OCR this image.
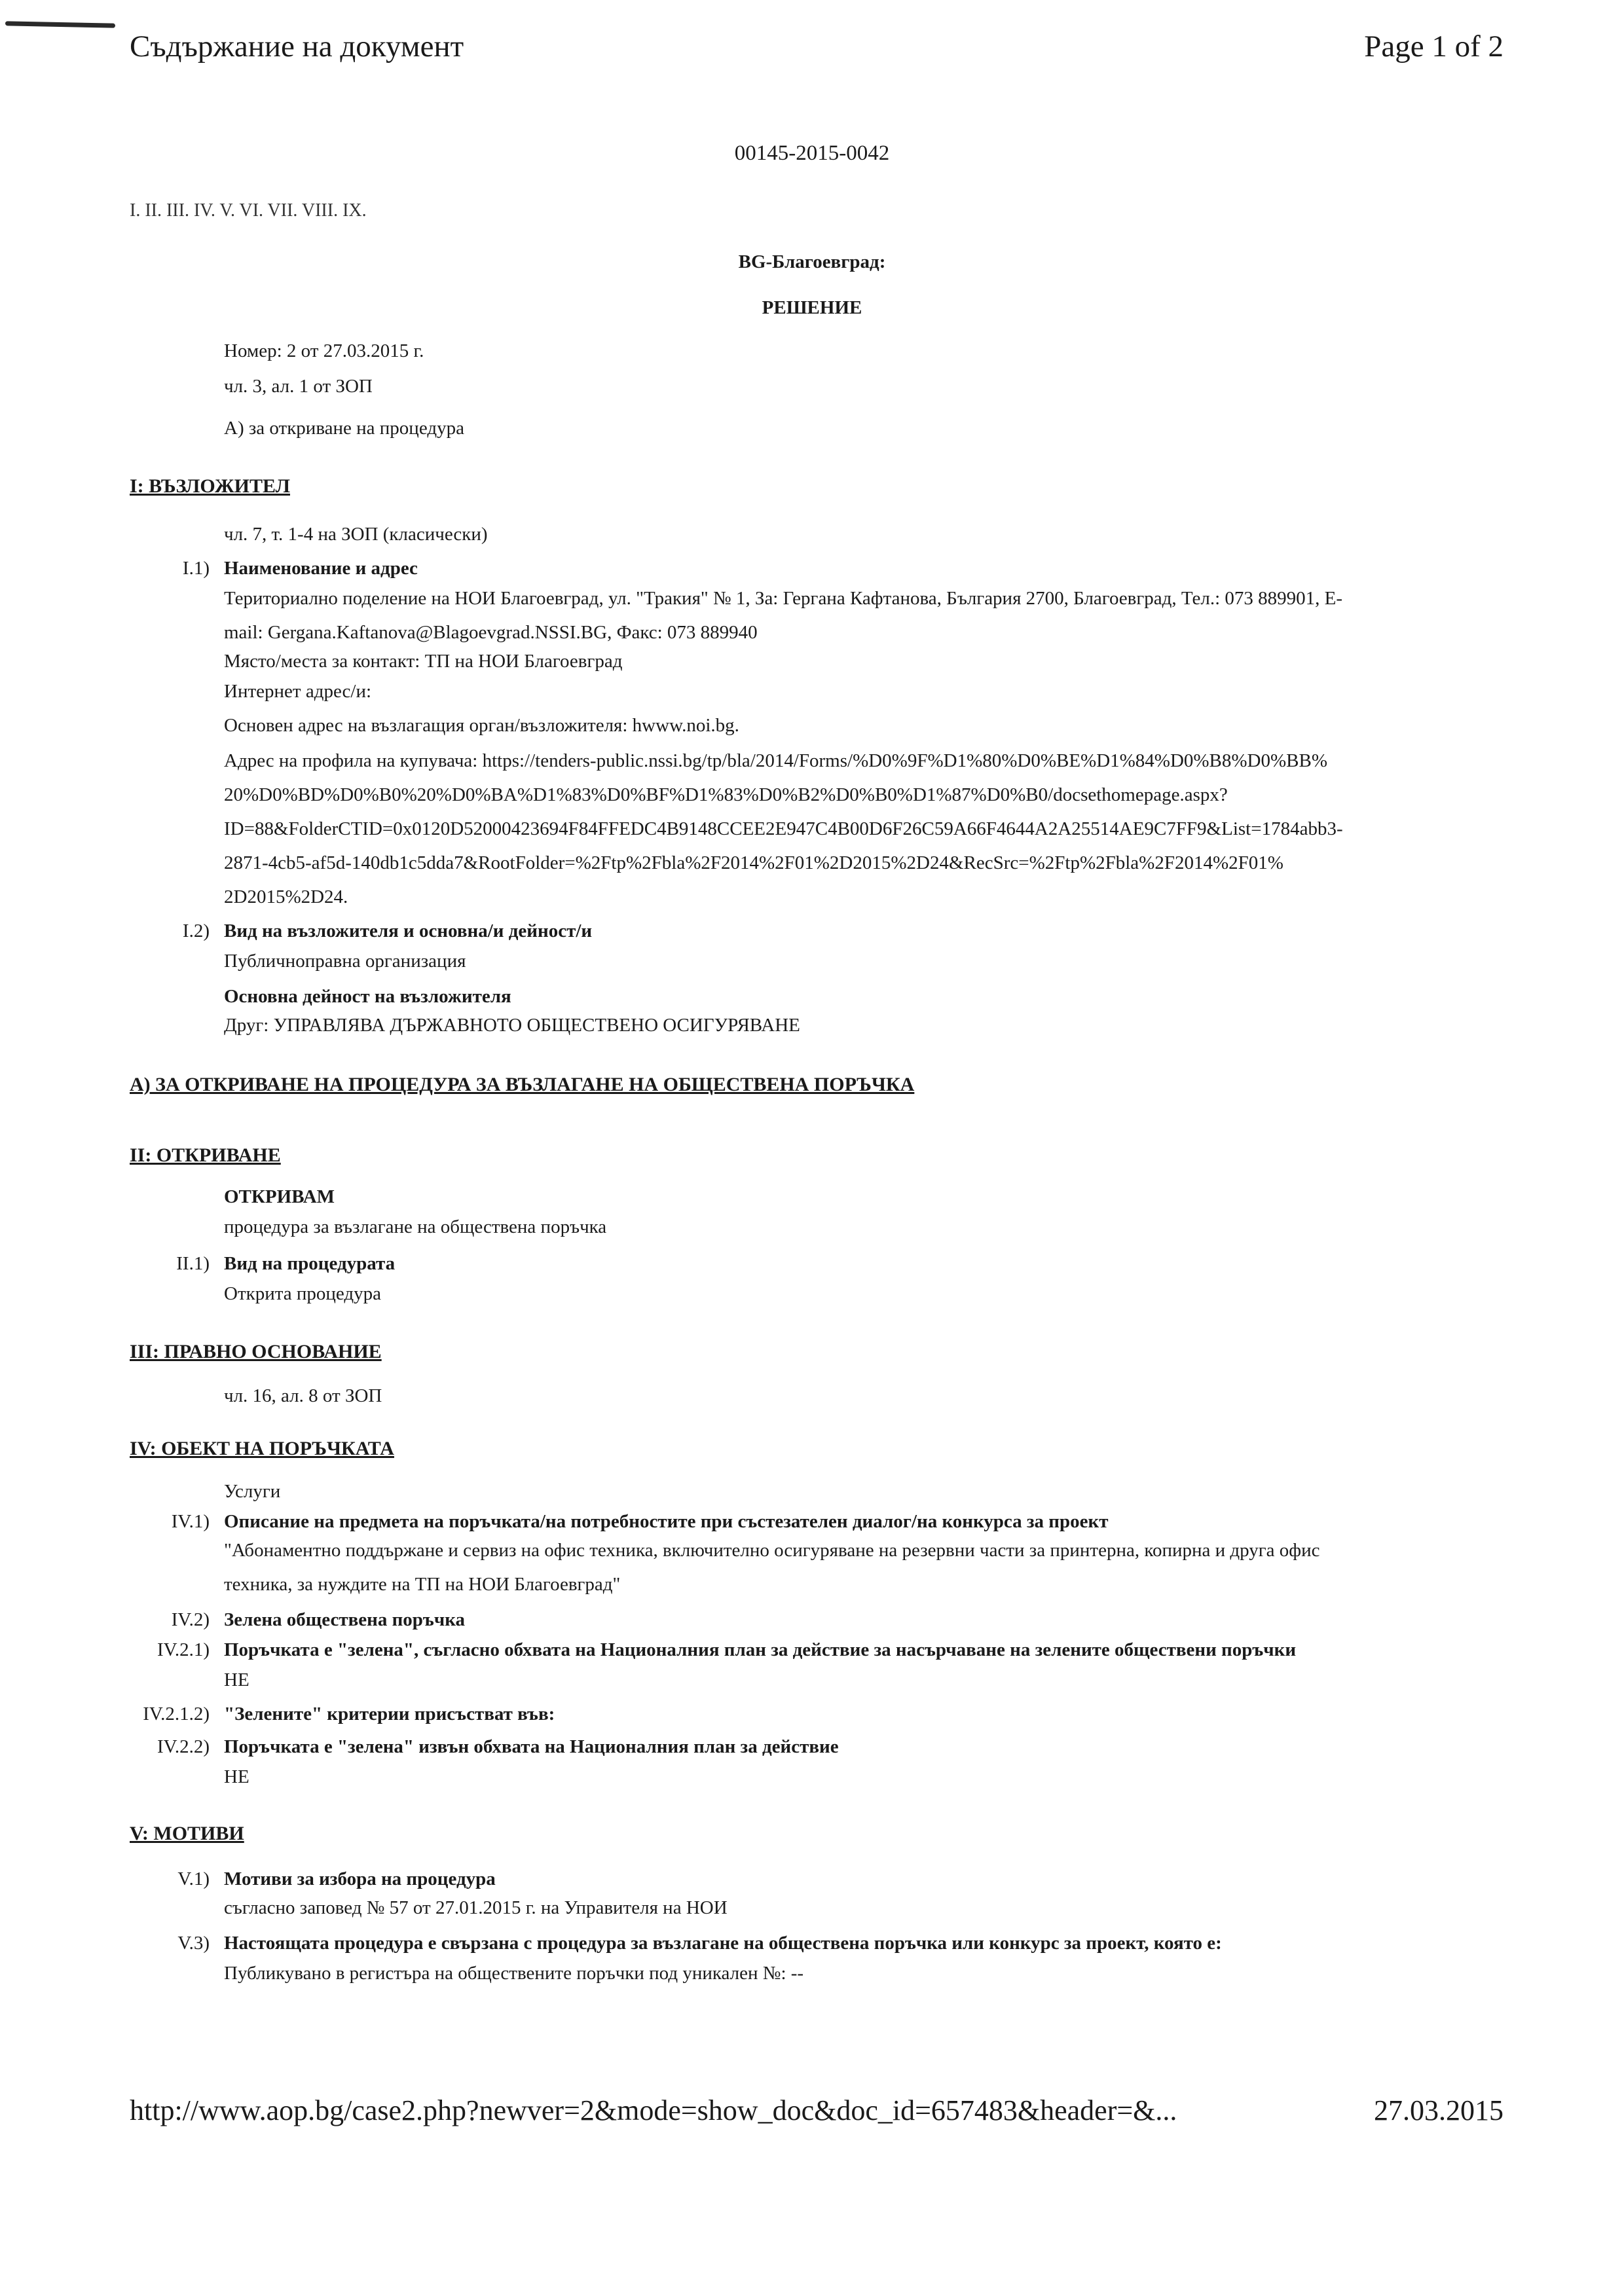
Съдържание на документ	Page 1 of 2
00145-2015-0042
I. II. III. IV. V. VI. VII. VIII. IX.
BG-Благоевград:
РЕШЕНИЕ
Номер: 2 от 27.03.2015 г.
чл. 3, ал. 1 от ЗОП
А) за откриване на процедура
I: ВЪЗЛОЖИТЕЛ
чл. 7, т. 1-4 на ЗОП (класически)
I.1) Наименование и адрес
Териториално поделение на НОИ Благоевград, ул. "Тракия" № 1, За: Гергана Кафтанова, България 2700, Благоевград, Тел.: 073 889901, E-
mail: Gergana.Kaftanova@Blagoevgrad.NSSI.BG, Факс: 073 889940
Място/места за контакт: ТП на НОИ Благоевград
Интернет адрес/и:
Основен адрес на възлагащия орган/възложителя: hwww.noi.bg.
Адрес на профила на купувача: https://tenders-public.nssi.bg/tp/bla/2014/Forms/%D0%9F%D1%80%D0%BE%D1%84%D0%B8%D0%BB%
20%D0%BD%D0%B0%20%D0%BA%D1%83%D0%BF%D1%83%D0%B2%D0%B0%D1%87%D0%B0/docsethomepage.aspx?
ID=88&FolderCTID=0x0120D52000423694F84FFEDC4B9148CCEE2E947C4B00D6F26C59A66F4644A2A25514AE9C7FF9&List=1784abb3-
2871-4cb5-af5d-140db1c5dda7&RootFolder=%2Ftp%2Fbla%2F2014%2F01%2D2015%2D24&RecSrc=%2Ftp%2Fbla%2F2014%2F01%
2D2015%2D24.
I.2) Вид на възложителя и основна/и дейност/и
Публичноправна организация
Основна дейност на възложителя
Друг: УПРАВЛЯВА ДЪРЖАВНОТО ОБЩЕСТВЕНО ОСИГУРЯВАНЕ
А) ЗА ОТКРИВАНЕ НА ПРОЦЕДУРА ЗА ВЪЗЛАГАНЕ НА ОБЩЕСТВЕНА ПОРЪЧКА
II: ОТКРИВАНЕ
ОТКРИВАМ
процедура за възлагане на обществена поръчка
II.1) Вид на процедурата
Открита процедура
III: ПРАВНО ОСНОВАНИЕ
чл. 16, ал. 8 от ЗОП
IV: ОБЕКТ НА ПОРЪЧКАТА
Услуги
IV.1) Описание на предмета на поръчката/на потребностите при състезателен диалог/на конкурса за проект
"Абонаментно поддържане и сервиз на офис техника, включително осигуряване на резервни части за принтерна, копирна и друга офис
техника, за нуждите на ТП на НОИ Благоевград"
IV.2) Зелена обществена поръчка
IV.2.1) Поръчката е "зелена", съгласно обхвата на Националния план за действие за насърчаване на зелените обществени поръчки
НЕ
IV.2.1.2) "Зелените" критерии присъстват във:
IV.2.2) Поръчката е "зелена" извън обхвата на Националния план за действие
НЕ
V: МОТИВИ
V.1) Мотиви за избора на процедура
съгласно заповед № 57 от 27.01.2015 г. на Управителя на НОИ
V.3) Настоящата процедура е свързана с процедура за възлагане на обществена поръчка или конкурс за проект, която е:
Публикувано в регистъра на обществените поръчки под уникален №: --
http://www.aop.bg/case2.php?newver=2&mode=show_doc&doc_id=657483&header=&...	27.03.2015
